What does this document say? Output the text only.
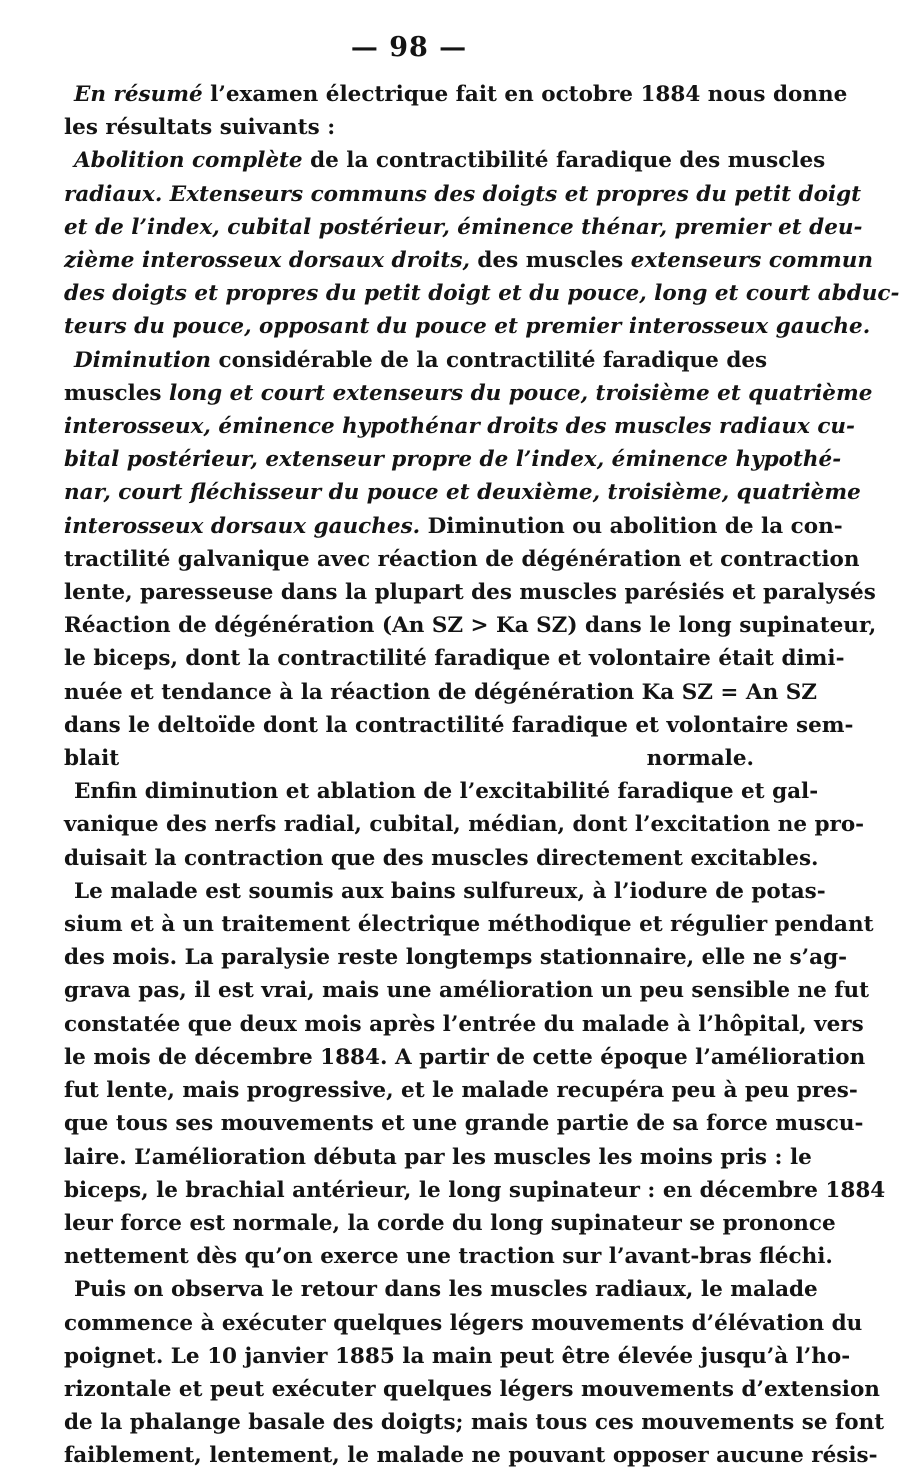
— 98 —
En résumé l’examen électrique fait en octobre 1884 nous donne
les résultats suivants :
Abolition complète de la contractibilité faradique des muscles
radiaux. Extenseurs communs des doigts et propres du petit doigt
et de l’index, cubital postérieur, éminence thénar, premier et deu-
zième interosseux dorsaux droits, des muscles extenseurs commun
des doigts et propres du petit doigt et du pouce, long et court abduc-
teurs du pouce, opposant du pouce et premier interosseux gauche.
Diminution considérable de la contractilité faradique des
muscles long et court extenseurs du pouce, troisième et quatrième
interosseux, éminence hypothénar droits des muscles radiaux cu-
bital postérieur, extenseur propre de l’index, éminence hypothé-
nar, court fléchisseur du pouce et deuxième, troisième, quatrième
interosseux dorsaux gauches. Diminution ou abolition de la con-
tractilité galvanique avec réaction de dégénération et contraction
lente, paresseuse dans la plupart des muscles parésiés et paralysés
Réaction de dégénération (An SZ > Ka SZ) dans le long supinateur,
le biceps, dont la contractilité faradique et volontaire était dimi-
nuée et tendance à la réaction de dégénération Ka SZ = An SZ
dans le deltoïde dont la contractilité faradique et volontaire sem-
blait normale.
Enfin diminution et ablation de l’excitabilité faradique et gal-
vanique des nerfs radial, cubital, médian, dont l’excitation ne pro-
duisait la contraction que des muscles directement excitables.
Le malade est soumis aux bains sulfureux, à l’iodure de potas-
sium et à un traitement électrique méthodique et régulier pendant
des mois. La paralysie reste longtemps stationnaire, elle ne s’ag-
grava pas, il est vrai, mais une amélioration un peu sensible ne fut
constatée que deux mois après l’entrée du malade à l’hôpital, vers
le mois de décembre 1884. A partir de cette époque l’amélioration
fut lente, mais progressive, et le malade recupéra peu à peu pres-
que tous ses mouvements et une grande partie de sa force muscu-
laire. L’amélioration débuta par les muscles les moins pris : le
biceps, le brachial antérieur, le long supinateur : en décembre 1884
leur force est normale, la corde du long supinateur se prononce
nettement dès qu’on exerce une traction sur l’avant-bras fléchi.
Puis on observa le retour dans les muscles radiaux, le malade
commence à exécuter quelques légers mouvements d’élévation du
poignet. Le 10 janvier 1885 la main peut être élevée jusqu’à l’ho-
rizontale et peut exécuter quelques légers mouvements d’extension
de la phalange basale des doigts; mais tous ces mouvements se font
faiblement, lentement, le malade ne pouvant opposer aucune résis-
